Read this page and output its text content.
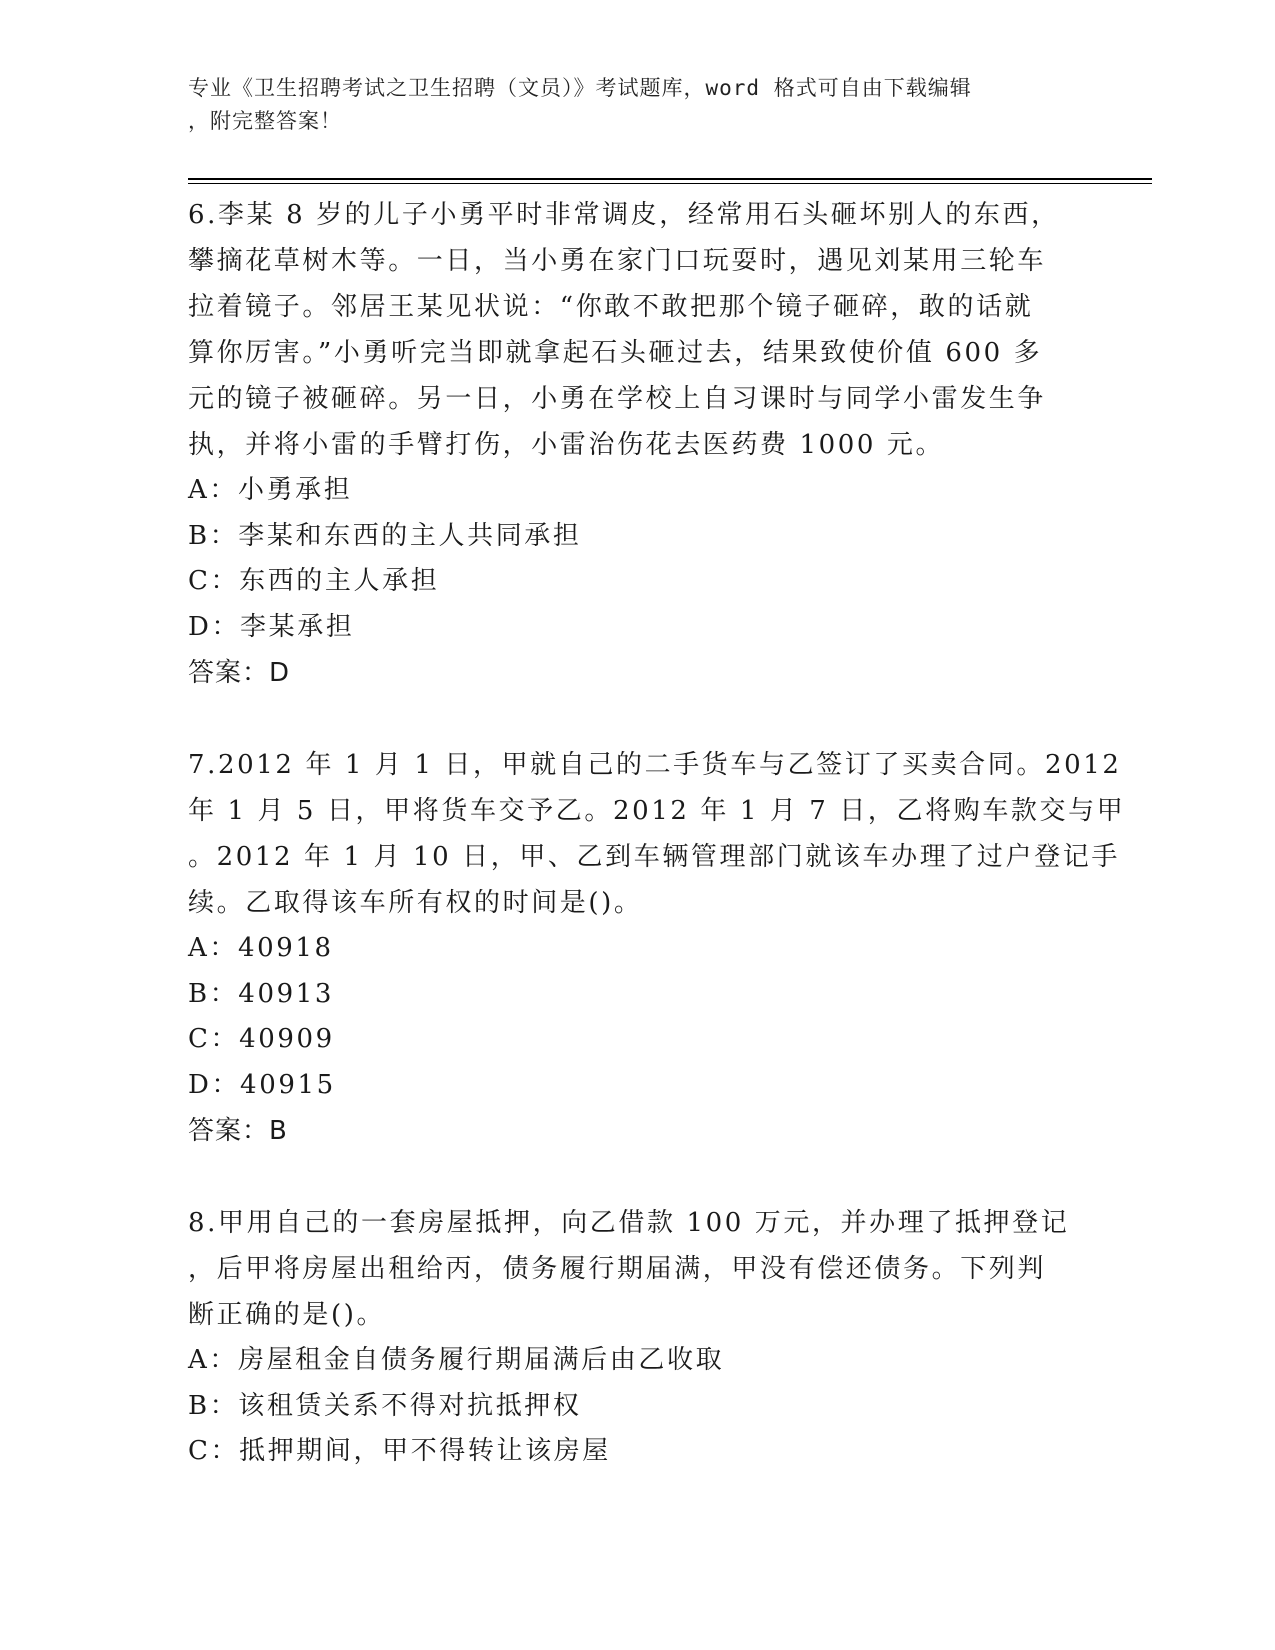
专业《卫生招聘考试之卫生招聘（文员）》考试题库，word 格式可自由下载编辑
，附完整答案！
6.李某 8 岁的儿子小勇平时非常调皮，经常用石头砸坏别人的东西，
攀摘花草树木等。一日，当小勇在家门口玩耍时，遇见刘某用三轮车
拉着镜子。邻居王某见状说：“你敢不敢把那个镜子砸碎，敢的话就
算你厉害。”小勇听完当即就拿起石头砸过去，结果致使价值 600 多
元的镜子被砸碎。另一日，小勇在学校上自习课时与同学小雷发生争
执，并将小雷的手臂打伤，小雷治伤花去医药费 1000 元。
A：小勇承担
B：李某和东西的主人共同承担
C：东西的主人承担
D：李某承担
答案：D
7.2012 年 1 月 1 日，甲就自己的二手货车与乙签订了买卖合同。2012
年 1 月 5 日，甲将货车交予乙。2012 年 1 月 7 日，乙将购车款交与甲
。2012 年 1 月 10 日，甲、乙到车辆管理部门就该车办理了过户登记手
续。乙取得该车所有权的时间是()。
A：40918
B：40913
C：40909
D：40915
答案：B
8.甲用自己的一套房屋抵押，向乙借款 100 万元，并办理了抵押登记
，后甲将房屋出租给丙，债务履行期届满，甲没有偿还债务。下列判
断正确的是()。
A：房屋租金自债务履行期届满后由乙收取
B：该租赁关系不得对抗抵押权
C：抵押期间，甲不得转让该房屋
